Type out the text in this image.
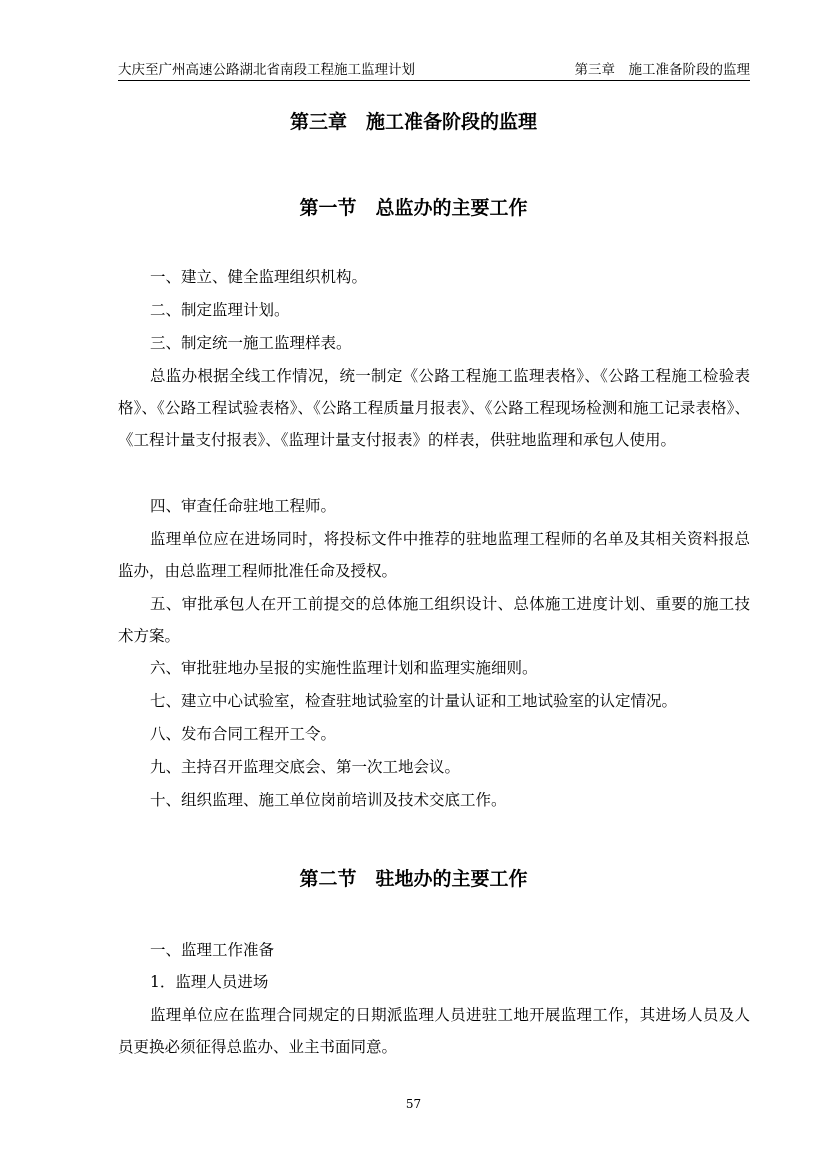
大庆至广州高速公路湖北省南段工程施工监理计划	第三章　施工准备阶段的监理
第三章　施工准备阶段的监理
第一节　总监办的主要工作
一、建立、健全监理组织机构。
二、制定监理计划。
三、制定统一施工监理样表。
总监办根据全线工作情况，统一制定《公路工程施工监理表格》、《公路工程施工检验表格》、《公路工程试验表格》、《公路工程质量月报表》、《公路工程现场检测和施工记录表格》、《工程计量支付报表》、《监理计量支付报表》的样表，供驻地监理和承包人使用。
四、审查任命驻地工程师。
监理单位应在进场同时，将投标文件中推荐的驻地监理工程师的名单及其相关资料报总监办，由总监理工程师批准任命及授权。
五、审批承包人在开工前提交的总体施工组织设计、总体施工进度计划、重要的施工技术方案。
六、审批驻地办呈报的实施性监理计划和监理实施细则。
七、建立中心试验室，检查驻地试验室的计量认证和工地试验室的认定情况。
八、发布合同工程开工令。
九、主持召开监理交底会、第一次工地会议。
十、组织监理、施工单位岗前培训及技术交底工作。
第二节　驻地办的主要工作
一、监理工作准备
1．监理人员进场
监理单位应在监理合同规定的日期派监理人员进驻工地开展监理工作，其进场人员及人员更换必须征得总监办、业主书面同意。
57
